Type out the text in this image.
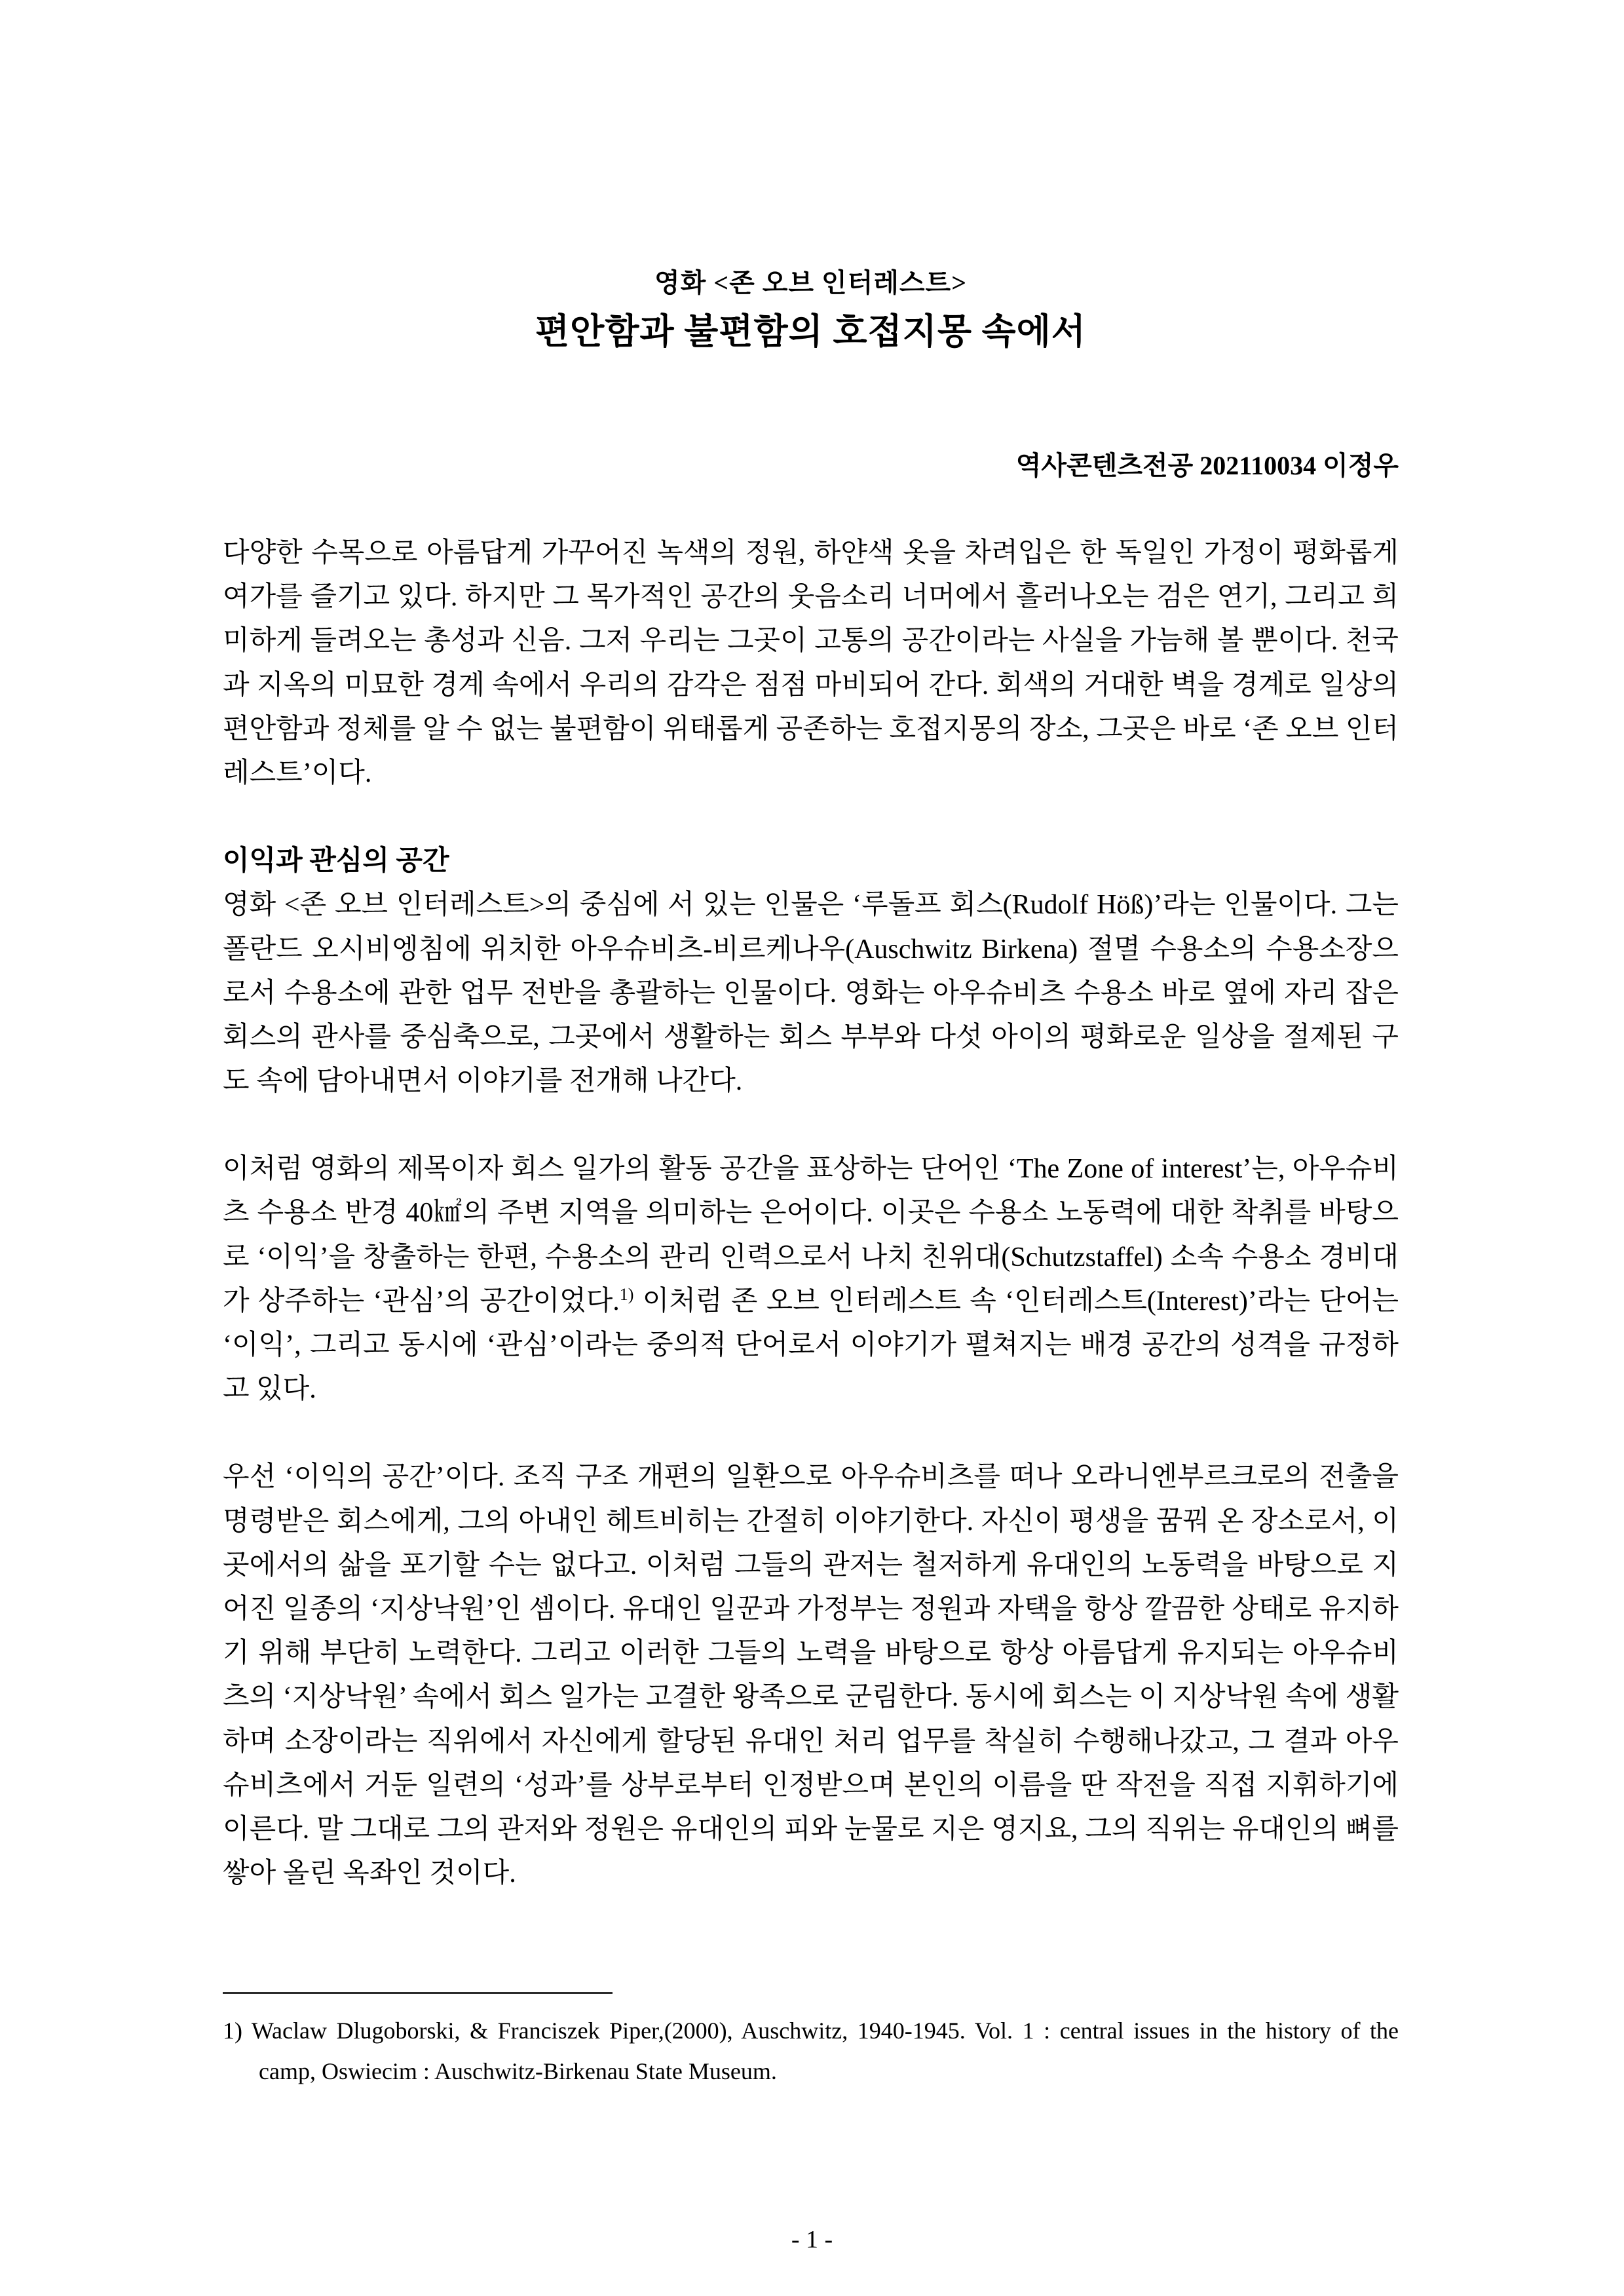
영화 <존 오브 인터레스트>

편안함과 불편함의 호접지몽 속에서

역사콘텐츠전공 202110034 이정우

다양한 수목으로 아름답게 가꾸어진 녹색의 정원, 하얀색 옷을 차려입은 한 독일인 가정이 평화롭게 여가를 즐기고 있다. 하지만 그 목가적인 공간의 웃음소리 너머에서 흘러나오는 검은 연기, 그리고 희미하게 들려오는 총성과 신음. 그저 우리는 그곳이 고통의 공간이라는 사실을 가늠해 볼 뿐이다. 천국과 지옥의 미묘한 경계 속에서 우리의 감각은 점점 마비되어 간다. 회색의 거대한 벽을 경계로 일상의 편안함과 정체를 알 수 없는 불편함이 위태롭게 공존하는 호접지몽의 장소, 그곳은 바로 ‘존 오브 인터레스트’이다.

이익과 관심의 공간

영화 <존 오브 인터레스트>의 중심에 서 있는 인물은 ‘루돌프 회스(Rudolf Höß)’라는 인물이다. 그는 폴란드 오시비엥침에 위치한 아우슈비츠-비르케나우(Auschwitz Birkena) 절멸 수용소의 수용소장으로서 수용소에 관한 업무 전반을 총괄하는 인물이다. 영화는 아우슈비츠 수용소 바로 옆에 자리 잡은 회스의 관사를 중심축으로, 그곳에서 생활하는 회스 부부와 다섯 아이의 평화로운 일상을 절제된 구도 속에 담아내면서 이야기를 전개해 나간다.

이처럼 영화의 제목이자 회스 일가의 활동 공간을 표상하는 단어인 ‘The Zone of interest’는, 아우슈비츠 수용소 반경 40㎢의 주변 지역을 의미하는 은어이다. 이곳은 수용소 노동력에 대한 착취를 바탕으로 ‘이익’을 창출하는 한편, 수용소의 관리 인력으로서 나치 친위대(Schutzstaffel) 소속 수용소 경비대가 상주하는 ‘관심’의 공간이었다.$^{1)}$ 이처럼 존 오브 인터레스트 속 ‘인터레스트(Interest)’라는 단어는 ‘이익’, 그리고 동시에 ‘관심’이라는 중의적 단어로서 이야기가 펼쳐지는 배경 공간의 성격을 규정하고 있다.

우선 ‘이익의 공간’이다. 조직 구조 개편의 일환으로 아우슈비츠를 떠나 오라니엔부르크로의 전출을 명령받은 회스에게, 그의 아내인 헤트비히는 간절히 이야기한다. 자신이 평생을 꿈꿔 온 장소로서, 이곳에서의 삶을 포기할 수는 없다고. 이처럼 그들의 관저는 철저하게 유대인의 노동력을 바탕으로 지어진 일종의 ‘지상낙원’인 셈이다. 유대인 일꾼과 가정부는 정원과 자택을 항상 깔끔한 상태로 유지하기 위해 부단히 노력한다. 그리고 이러한 그들의 노력을 바탕으로 항상 아름답게 유지되는 아우슈비츠의 ‘지상낙원’ 속에서 회스 일가는 고결한 왕족으로 군림한다. 동시에 회스는 이 지상낙원 속에 생활하며 소장이라는 직위에서 자신에게 할당된 유대인 처리 업무를 착실히 수행해나갔고, 그 결과 아우슈비츠에서 거둔 일련의 ‘성과’를 상부로부터 인정받으며 본인의 이름을 딴 작전을 직접 지휘하기에 이른다. 말 그대로 그의 관저와 정원은 유대인의 피와 눈물로 지은 영지요, 그의 직위는 유대인의 뼈를 쌓아 올린 옥좌인 것이다.

1) Waclaw Dlugoborski, & Franciszek Piper,(2000), Auschwitz, 1940-1945. Vol. 1 : central issues in the history of the camp, Oswiecim : Auschwitz-Birkenau State Museum.

- 1 -
